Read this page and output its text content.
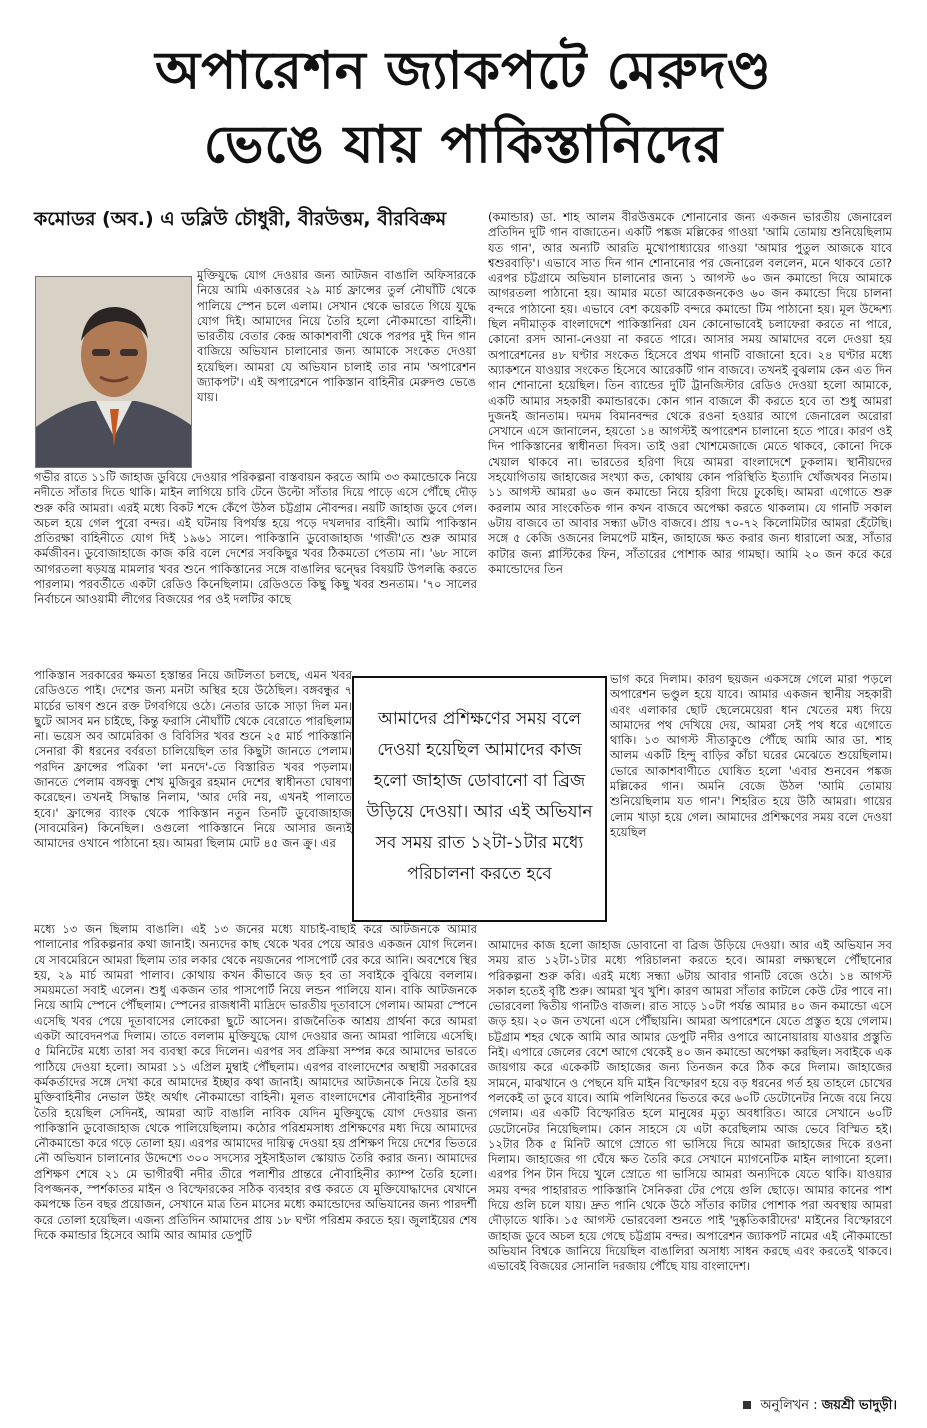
অপারেশন জ্যাকপটে মেরুদণ্ড
ভেঙে যায় পাকিস্তানিদের
কমোডর (অব.) এ ডব্লিউ চৌধুরী, বীরউত্তম, বীরবিক্রম
মুক্তিযুদ্ধে যোগ দেওয়ার জন্য আটজন বাঙালি অফিসারকে নিয়ে আমি একাত্তরের ২৯ মার্চ ফ্রান্সের তুর্ল নৌঘাঁটি থেকে পালিয়ে স্পেন চলে এলাম। সেখান থেকে ভারতে গিয়ে যুদ্ধে যোগ দিই। আমাদের নিয়ে তৈরি হলো নৌকমান্ডো বাহিনী। ভারতীয় বেতার কেন্দ্র আকাশবাণী থেকে পরপর দুই দিন গান বাজিয়ে অভিযান চালানোর জন্য আমাকে সংকেত দেওয়া হয়েছিল। আমরা যে অভিযান চালাই তার নাম 'অপারেশন জ্যাকপট'। এই অপারেশনে পাকিস্তান বাহিনীর মেরুদণ্ড ভেঙে যায়।
গভীর রাতে ১১টি জাহাজ ডুবিয়ে দেওয়ার পরিকল্পনা বাস্তবায়ন করতে আমি ৩৩ কমান্ডোকে নিয়ে নদীতে সাঁতার দিতে থাকি। মাইন লাগিয়ে চাবি টেনে উল্টো সাঁতার দিয়ে পাড়ে এসে পৌঁছে দৌড় শুরু করি আমরা। এরই মধ্যে বিকট শব্দে কেঁপে উঠল চট্টগ্রাম নৌবন্দর। নয়টি জাহাজ ডুবে গেল। অচল হয়ে গেল পুরো বন্দর। এই ঘটনায় বিপর্যস্ত হয়ে পড়ে দখলদার বাহিনী। আমি পাকিস্তান প্রতিরক্ষা বাহিনীতে যোগ দিই ১৯৬১ সালে। পাকিস্তানি ডুবোজাহাজ 'গাজী'তে শুরু আমার কর্মজীবন। ডুবোজাহাজে কাজ করি বলে দেশের সবকিছুর খবর ঠিকমতো পেতাম না। '৬৮ সালে আগরতলা ষড়যন্ত্র মামলার খবর শুনে পাকিস্তানের সঙ্গে বাঙালির দ্বন্দ্বের বিষয়টি উপলব্ধি করতে পারলাম। পরবর্তীতে একটা রেডিও কিনেছিলাম। রেডিওতে কিছু কিছু খবর শুনতাম। '৭০ সালের নির্বাচনে আওয়ামী লীগের বিজয়ের পর ওই দলটির কাছে
পাকিস্তান সরকারের ক্ষমতা হস্তান্তর নিয়ে জটিলতা চলছে, এমন খবর রেডিওতে পাই। দেশের জন্য মনটা অস্থির হয়ে উঠেছিল। বঙ্গবন্ধুর ৭ মার্চের ভাষণ শুনে রক্ত টগবগিয়ে ওঠে। নেতার ডাকে সাড়া দিল মন। ছুটে আসব মন চাইছে, কিন্তু ফরাসি নৌঘাঁটি থেকে বেরোতে পারছিলাম না। ভয়েস অব আমেরিকা ও বিবিসির খবর শুনে ২৫ মার্চ পাকিস্তানি সেনারা কী ধরনের বর্বরতা চালিয়েছিল তার কিছুটা জানতে পেলাম। পরদিন ফ্রান্সের পত্রিকা 'লা মনদে'-তে বিস্তারিত খবর পড়লাম। জানতে পেলাম বঙ্গবন্ধু শেখ মুজিবুর রহমান দেশের স্বাধীনতা ঘোষণা করেছেন। তখনই সিদ্ধান্ত নিলাম, 'আর দেরি নয়, এখনই পালাতে হবে।' ফ্রান্সের ব্যাংক থেকে পাকিস্তান নতুন তিনটি ডুবোজাহাজ (সাবমেরিন) কিনেছিল। ওগুলো পাকিস্তানে নিয়ে আসার জন্যই আমাদের ওখানে পাঠানো হয়। আমরা ছিলাম মোট ৪৫ জন ক্রু। এর
মধ্যে ১৩ জন ছিলাম বাঙালি। এই ১৩ জনের মধ্যে যাচাই-বাছাই করে আটজনকে আমার পালানোর পরিকল্পনার কথা জানাই। অন্যদের কাছ থেকে খবর পেয়ে আরও একজন যোগ দিলেন। যে সাবমেরিনে আমরা ছিলাম তার লকার থেকে নয়জনের পাসপোর্ট বের করে আনি। অবশেষে স্থির হয়, ২৯ মার্চ আমরা পালাব। কোথায় কখন কীভাবে জড় হব তা সবাইকে বুঝিয়ে বললাম। সময়মতো সবাই এলেন। শুধু একজন তার পাসপোর্ট নিয়ে লন্ডন পালিয়ে যান। বাকি আটজনকে নিয়ে আমি স্পেনে পৌঁছলাম। স্পেনের রাজধানী মাদ্রিদে ভারতীয় দূতাবাসে গেলাম। আমরা স্পেনে এসেছি খবর পেয়ে দূতাবাসের লোকেরা ছুটে আসেন। রাজনৈতিক আশ্রয় প্রার্থনা করে আমরা একটা আবেদনপত্র দিলাম। তাতে বললাম মুক্তিযুদ্ধে যোগ দেওয়ার জন্য আমরা পালিয়ে এসেছি। ৫ মিনিটের মধ্যে তারা সব ব্যবস্থা করে দিলেন। এরপর সব প্রক্রিয়া সম্পন্ন করে আমাদের ভারতে পাঠিয়ে দেওয়া হলো। আমরা ১১ এপ্রিল মুম্বাই পৌঁছলাম। এরপর বাংলাদেশের অস্থায়ী সরকারের কর্মকর্তাদের সঙ্গে দেখা করে আমাদের ইচ্ছার কথা জানাই। আমাদের আটজনকে নিয়ে তৈরি হয় মুক্তিবাহিনীর নেভাল উইং অর্থাৎ নৌকমান্ডো বাহিনী। মূলত বাংলাদেশের নৌবাহিনীর সূচনাপর্ব তৈরি হয়েছিল সেদিনই, আমরা আট বাঙালি নাবিক যেদিন মুক্তিযুদ্ধে যোগ দেওয়ার জন্য পাকিস্তানি ডুবোজাহাজ থেকে পালিয়েছিলাম। কঠোর পরিশ্রমসাধ্য প্রশিক্ষণের মধ্য দিয়ে আমাদের নৌকমান্ডো করে গড়ে তোলা হয়। এরপর আমাদের দায়িত্ব দেওয়া হয় প্রশিক্ষণ দিয়ে দেশের ভিতরে নৌ অভিযান চালানোর উদ্দেশ্যে ৩০০ সদস্যের সুইসাইডাল স্কোয়াড তৈরি করার জন্য। আমাদের প্রশিক্ষণ শেষে ২১ মে ভাগীরথী নদীর তীরে পলাশীর প্রান্তরে নৌবাহিনীর ক্যাম্প তৈরি হলো। বিপজ্জনক, স্পর্শকাতর মাইন ও বিস্ফোরকের সঠিক ব্যবহার রপ্ত করতে যে মুক্তিযোদ্ধাদের যেখানে কমপক্ষে তিন বছর প্রয়োজন, সেখানে মাত্র তিন মাসের মধ্যে কমান্ডোদের অভিযানের জন্য পারদর্শী করে তোলা হয়েছিল। এজন্য প্রতিদিন আমাদের প্রায় ১৮ ঘণ্টা পরিশ্রম করতে হয়। জুলাইয়ের শেষ দিকে কমান্ডার হিসেবে আমি আর আমার ডেপুটি
(কমান্ডার) ডা. শাহ আলম বীরউত্তমকে শোনানোর জন্য একজন ভারতীয় জেনারেল প্রতিদিন দুটি গান বাজাতেন। একটি পঙ্কজ মল্লিকের গাওয়া 'আমি তোমায় শুনিয়েছিলাম যত গান', আর অন্যটি আরতি মুখোপাধ্যায়ের গাওয়া 'আমার পুতুল আজকে যাবে শ্বশুরবাড়ি'। এভাবে সাত দিন গান শোনানোর পর জেনারেল বললেন, মনে থাকবে তো? এরপর চট্টগ্রামে অভিযান চালানোর জন্য ১ আগস্ট ৬০ জন কমান্ডো দিয়ে আমাকে আগরতলা পাঠানো হয়। আমার মতো আরেকজনকেও ৬০ জন কমান্ডো দিয়ে চালনা বন্দরে পাঠানো হয়। এভাবে বেশ কয়েকটি বন্দরে কমান্ডো টিম পাঠানো হয়। মূল উদ্দেশ্য ছিল নদীমাতৃক বাংলাদেশে পাকিস্তানিরা যেন কোনোভাবেই চলাফেরা করতে না পারে, কোনো রসদ আনা-নেওয়া না করতে পারে। আসার সময় আমাদের বলে দেওয়া হয় অপারেশনের ৪৮ ঘণ্টার সংকেত হিসেবে প্রথম গানটি বাজানো হবে। ২৪ ঘণ্টার মধ্যে অ্যাকশনে যাওয়ার সংকেত হিসেবে আরেকটি গান বাজবে। তখনই বুঝলাম কেন এত দিন গান শোনানো হয়েছিল। তিন ব্যান্ডের দুটি ট্রানজিস্টার রেডিও দেওয়া হলো আমাকে, একটি আমার সহকারী কমান্ডারকে। কোন গান বাজলে কী করতে হবে তা শুধু আমরা দুজনই জানতাম। দমদম বিমানবন্দর থেকে রওনা হওয়ার আগে জেনারেল অরোরা সেখানে এসে জানালেন, হয়তো ১৪ আগস্টই অপারেশন চালানো হতে পারে। কারণ ওই দিন পাকিস্তানের স্বাধীনতা দিবস। তাই ওরা খোশমেজাজে মেতে থাকবে, কোনো দিকে খেয়াল থাকবে না। ভারতের হরিণা দিয়ে আমরা বাংলাদেশে ঢুকলাম। স্থানীয়দের সহযোগিতায় জাহাজের সংখ্যা কত, কোথায় কোন পরিস্থিতি ইত্যাদি খোঁজখবর নিতাম। ১১ আগস্ট আমরা ৬০ জন কমান্ডো নিয়ে হরিণা দিয়ে ঢুকেছি। আমরা এগোতে শুরু করলাম আর সাংকেতিক গান কখন বাজবে অপেক্ষা করতে থাকলাম। যে গানটি সকাল ৬টায় বাজবে তা আবার সন্ধ্যা ৬টাও বাজবে। প্রায় ৭০-৭২ কিলোমিটার আমরা হেঁটেছি। সঙ্গে ৫ কেজি ওজনের লিমপেট মাইন, জাহাজে ক্ষত করার জন্য ধারালো অস্ত্র, সাঁতার কাটার জন্য প্লাস্টিকের ফিন, সাঁতারের পোশাক আর গামছা। আমি ২০ জন করে করে কমান্ডোদের তিন
ভাগ করে দিলাম। কারণ ছয়জন একসঙ্গে গেলে মারা পড়লে অপারেশন ভণ্ডুল হয়ে যাবে। আমার একজন স্থানীয় সহকারী এবং এলাকার ছোট ছেলেমেয়েরা ধান খেতের মধ্য দিয়ে আমাদের পথ দেখিয়ে দেয়, আমরা সেই পথ ধরে এগোতে থাকি। ১৩ আগস্ট সীতাকুণ্ডে পৌঁছে আমি আর ডা. শাহ আলম একটি হিন্দু বাড়ির কাঁচা ঘরের মেঝেতে শুয়েছিলাম। ভোরে আকাশবাণীতে ঘোষিত হলো 'এবার শুনবেন পঙ্কজ মল্লিকের গান। অমনি বেজে উঠল 'আমি তোমায় শুনিয়েছিলাম যত গান'। শিহরিত হয়ে উঠি আমরা। গায়ের লোম খাড়া হয়ে গেল। আমাদের প্রশিক্ষণের সময় বলে দেওয়া হয়েছিল
আমাদের কাজ হলো জাহাজ ডোবানো বা ব্রিজ উড়িয়ে দেওয়া। আর এই অভিযান সব সময় রাত ১২টা-১টার মধ্যে পরিচালনা করতে হবে। আমরা লক্ষ্যস্থলে পৌঁছানোর পরিকল্পনা শুরু করি। এরই মধ্যে সন্ধ্যা ৬টায় আবার গানটি বেজে ওঠে। ১৪ আগস্ট সকাল হতেই বৃষ্টি শুরু। আমরা খুব খুশি। কারণ আমরা সাঁতার কাটলে কেউ টের পাবে না। ভোরবেলা দ্বিতীয় গানটিও বাজল। রাত সাড়ে ১০টা পর্যন্ত আমার ৪০ জন কমান্ডো এসে জড় হয়। ২০ জন তখনো এসে পৌঁছায়নি। আমরা অপারেশনে যেতে প্রস্তুত হয়ে গেলাম। চট্টগ্রাম শহর থেকে আমি আর আমার ডেপুটি নদীর ওপারে আনোয়ারায় যাওয়ার প্রস্তুতি নিই। এপারে জেলের বেশে আগে থেকেই ৪০ জন কমান্ডো অপেক্ষা করছিল। সবাইকে এক জায়গায় করে একেকটি জাহাজের জন্য তিনজন করে ঠিক করে দিলাম। জাহাজের সামনে, মাঝখানে ও পেছনে যদি মাইন বিস্ফোরণ হয়ে বড় ধরনের গর্ত হয় তাহলে চোখের পলকেই তা ডুবে যাবে। আমি পলিথিনের ভিতরে করে ৬০টি ডেটোনেটর নিজে বয়ে নিয়ে গেলাম। এর একটি বিস্ফোরিত হলে মানুষের মৃত্যু অবধারিত। আরে সেখানে ৬০টি ডেটোনেটর নিয়েছিলাম। কোন সাহসে যে এটা করেছিলাম আজ ভেবে বিস্মিত হই। ১২টার ঠিক ৫ মিনিট আগে স্রোতে গা ভাসিয়ে দিয়ে আমরা জাহাজের দিকে রওনা দিলাম। জাহাজের গা ঘেঁষে ক্ষত তৈরি করে সেখানে ম্যাগনেটিক মাইন লাগানো হলো। এরপর পিন টান দিয়ে খুলে স্রোতে গা ভাসিয়ে আমরা অন্যদিকে যেতে থাকি। যাওয়ার সময় বন্দর পাহারারত পাকিস্তানি সৈনিকরা টের পেয়ে গুলি ছোড়ে। আমার কানের পাশ দিয়ে গুলি চলে যায়। দ্রুত পানি থেকে উঠে সাঁতার কাটার পোশাক পরা অবস্থায় আমরা দৌড়াতে থাকি। ১৫ আগস্ট ভোরবেলা শুনতে পাই 'দুষ্কৃতিকারীদের' মাইনের বিস্ফোরণে জাহাজ ডুবে অচল হয়ে গেছে চট্টগ্রাম বন্দর। অপারেশন জ্যাকপট নামের এই নৌকমান্ডো অভিযান বিশ্বকে জানিয়ে দিয়েছিল বাঙালিরা অসাধ্য সাধন করছে এবং করতেই থাকবে। এভাবেই বিজয়ের সোনালি দরজায় পৌঁছে যায় বাংলাদেশ।
আমাদের প্রশিক্ষণের সময় বলে দেওয়া হয়েছিল আমাদের কাজ হলো জাহাজ ডোবানো বা ব্রিজ উড়িয়ে দেওয়া। আর এই অভিযান সব সময় রাত ১২টা-১টার মধ্যে পরিচালনা করতে হবে
অনুলিখন : জয়শ্রী ভাদুড়ী।
